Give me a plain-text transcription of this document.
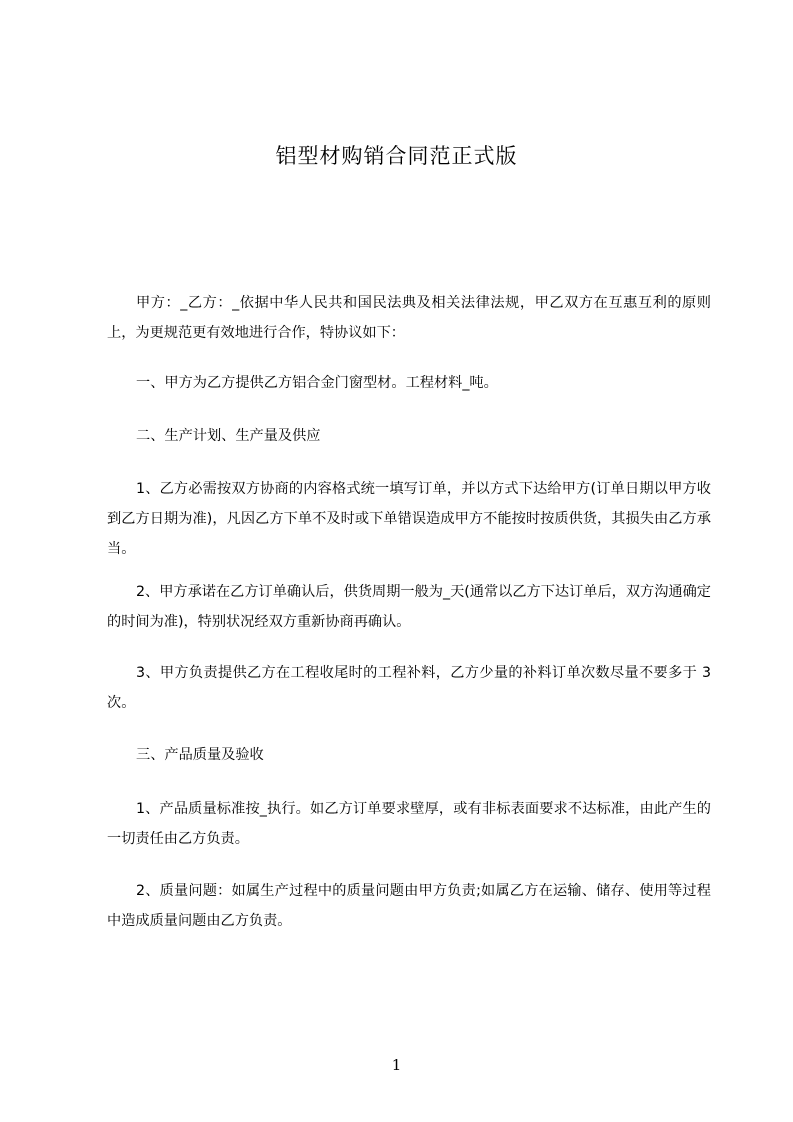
铝型材购销合同范正式版

甲方：_乙方：_依据中华人民共和国民法典及相关法律法规，甲乙双方在互惠互利的原则上，为更规范更有效地进行合作，特协议如下：

一、甲方为乙方提供乙方铝合金门窗型材。工程材料_吨。

二、生产计划、生产量及供应

1、乙方必需按双方协商的内容格式统一填写订单，并以方式下达给甲方(订单日期以甲方收到乙方日期为准)，凡因乙方下单不及时或下单错误造成甲方不能按时按质供货，其损失由乙方承当。

2、甲方承诺在乙方订单确认后，供货周期一般为_天(通常以乙方下达订单后，双方沟通确定的时间为准)，特别状况经双方重新协商再确认。

3、甲方负责提供乙方在工程收尾时的工程补料，乙方少量的补料订单次数尽量不要多于 3 次。

三、产品质量及验收

1、产品质量标准按_执行。如乙方订单要求壁厚，或有非标表面要求不达标准，由此产生的一切责任由乙方负责。

2、质量问题：如属生产过程中的质量问题由甲方负责;如属乙方在运输、储存、使用等过程中造成质量问题由乙方负责。

1
